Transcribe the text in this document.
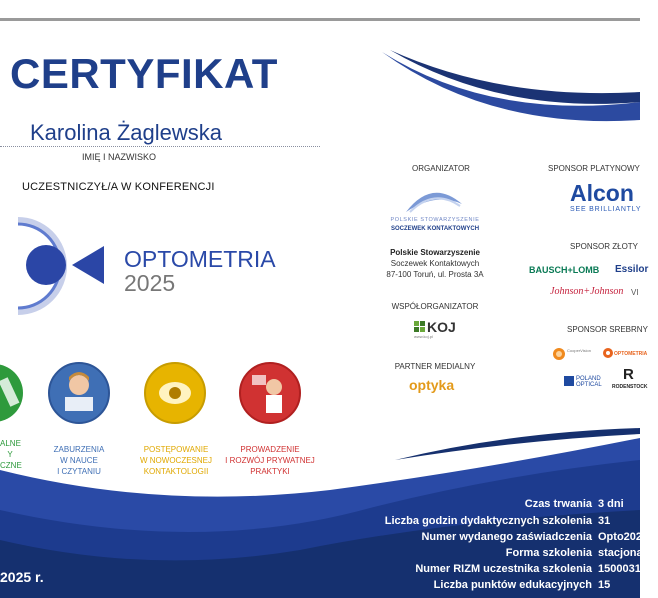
CERTYFIKAT
Karolina Żaglewska
IMIĘ I NAZWISKO
UCZESTNICZYŁ/A W KONFERENCJI
OPTOMETRIA
2025
ALNE
Y
CZNE
ZABURZENIA
W NAUCE
I CZYTANIU
POSTĘPOWANIE
W NOWOCZESNEJ
KONTAKTOLOGII
PROWADZENIE
I ROZWÓJ PRYWATNEJ
PRAKTYKI
ORGANIZATOR
POLSKIE STOWARZYSZENIE
SOCZEWEK KONTAKTOWYCH
Polskie Stowarzyszenie
Soczewek Kontaktowych
87-100 Toruń, ul. Prosta 3A
WSPÓŁORGANIZATOR
KOJ
www.koj.pl
PARTNER MEDIALNY
optyka
SPONSOR PLATYNOWY
Alcon
SEE BRILLIANTLY
SPONSOR ZŁOTY
BAUSCH+LOMB Essilor
Johnson+Johnson VI
SPONSOR SREBRNY
CooperVision
OPTOMETRIA
POLAND OPTICAL
R
RODENSTOCK
Czas trwania 3 dni
Liczba godzin dydaktycznych szkolenia 31
Numer wydanego zaświadczenia Opto202
Forma szkolenia stacjona
Numer RIZM uczestnika szkolenia 1500031
Liczba punktów edukacyjnych 15
2025 r.
